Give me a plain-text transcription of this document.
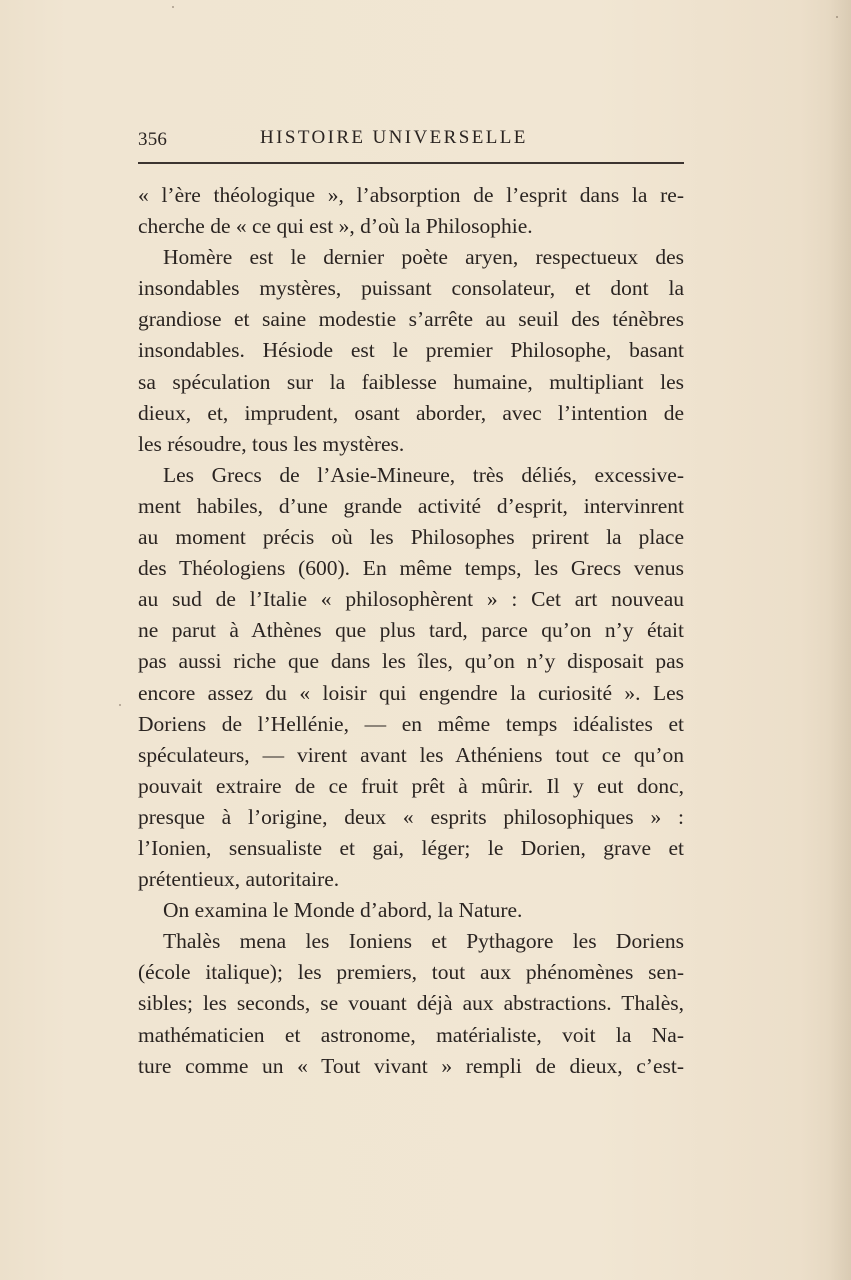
356	HISTOIRE UNIVERSELLE
« l’ère théologique », l’absorption de l’esprit dans la re-
cherche de « ce qui est », d’où la Philosophie.
Homère est le dernier poète aryen, respectueux des
insondables mystères, puissant consolateur, et dont la
grandiose et saine modestie s’arrête au seuil des ténèbres
insondables. Hésiode est le premier Philosophe, basant
sa spéculation sur la faiblesse humaine, multipliant les
dieux, et, imprudent, osant aborder, avec l’intention de
les résoudre, tous les mystères.
Les Grecs de l’Asie-Mineure, très déliés, excessive-
ment habiles, d’une grande activité d’esprit, intervinrent
au moment précis où les Philosophes prirent la place
des Théologiens (600). En même temps, les Grecs venus
au sud de l’Italie « philosophèrent » : Cet art nouveau
ne parut à Athènes que plus tard, parce qu’on n’y était
pas aussi riche que dans les îles, qu’on n’y disposait pas
encore assez du « loisir qui engendre la curiosité ». Les
Doriens de l’Hellénie, — en même temps idéalistes et
spéculateurs, — virent avant les Athéniens tout ce qu’on
pouvait extraire de ce fruit prêt à mûrir. Il y eut donc,
presque à l’origine, deux « esprits philosophiques » :
l’Ionien, sensualiste et gai, léger; le Dorien, grave et
prétentieux, autoritaire.
On examina le Monde d’abord, la Nature.
Thalès mena les Ioniens et Pythagore les Doriens
(école italique); les premiers, tout aux phénomènes sen-
sibles; les seconds, se vouant déjà aux abstractions. Thalès,
mathématicien et astronome, matérialiste, voit la Na-
ture comme un « Tout vivant » rempli de dieux, c’est-
